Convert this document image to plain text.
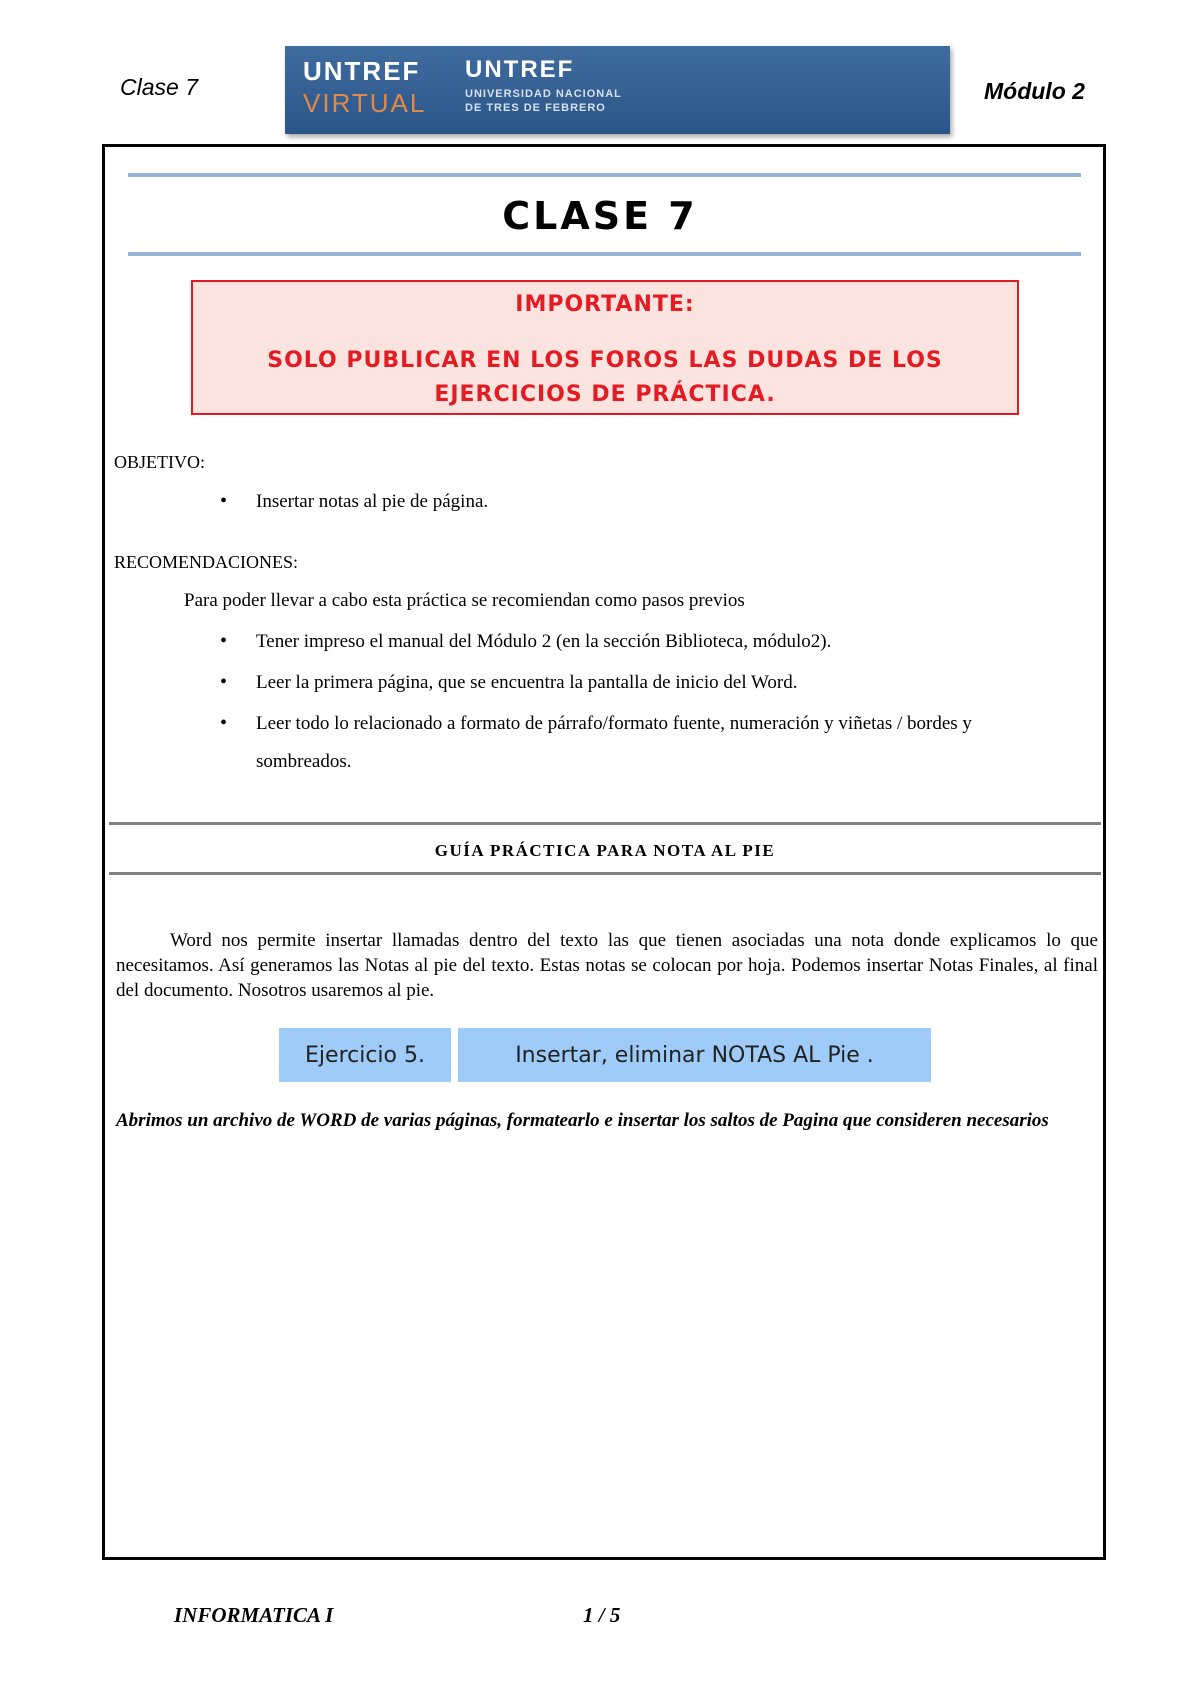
Clase 7
UNTREF
VIRTUAL
UNTREF
UNIVERSIDAD NACIONAL
DE TRES DE FEBRERO
Módulo 2
CLASE 7
IMPORTANTE:
SOLO PUBLICAR EN LOS FOROS LAS DUDAS DE LOS
EJERCICIOS DE PRÁCTICA.
OBJETIVO:
• Insertar notas al pie de página.
RECOMENDACIONES:
Para poder llevar a cabo esta práctica se recomiendan como pasos previos
• Tener impreso el manual del Módulo 2 (en la sección Biblioteca, módulo2).
• Leer la primera página, que se encuentra la pantalla de inicio del Word.
• Leer todo lo relacionado a formato de párrafo/formato fuente, numeración y viñetas / bordes y
sombreados.
GUÍA PRÁCTICA PARA NOTA AL PIE
Word nos permite insertar llamadas dentro del texto las que tienen asociadas una nota donde explicamos lo que necesitamos. Así generamos las Notas al pie del texto. Estas notas se colocan por hoja. Podemos insertar Notas Finales, al final del documento. Nosotros usaremos al pie.
Ejercicio 5.	Insertar, eliminar NOTAS AL Pie .
Abrimos un archivo de WORD de varias páginas, formatearlo e insertar los saltos de Pagina que consideren necesarios
INFORMATICA I	1 / 5
